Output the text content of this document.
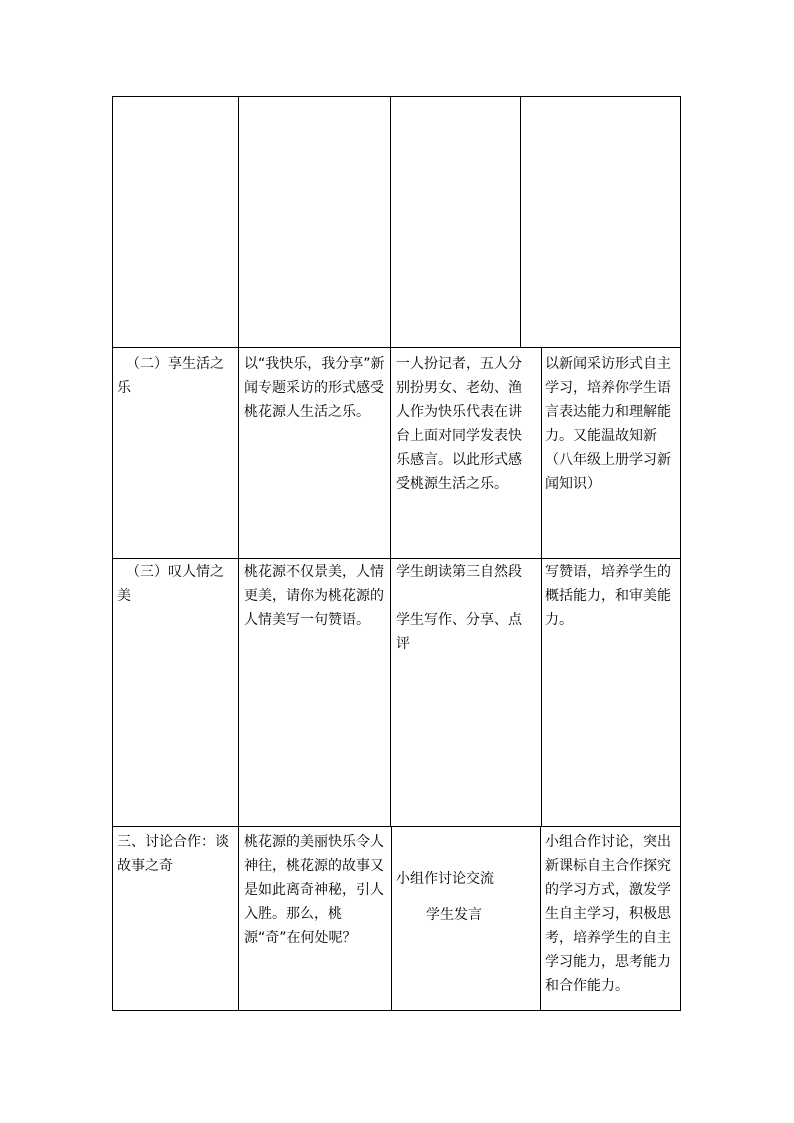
（二）享生活之乐

以“我快乐，我分享”新闻专题采访的形式感受桃花源人生活之乐。

一人扮记者，五人分别扮男女、老幼、渔人作为快乐代表在讲台上面对同学发表快乐感言。以此形式感受桃源生活之乐。

以新闻采访形式自主学习，培养你学生语言表达能力和理解能力。又能温故知新（八年级上册学习新闻知识）

（三）叹人情之美

桃花源不仅景美，人情更美，请你为桃花源的人情美写一句赞语。

学生朗读第三自然段

学生写作、分享、点评

写赞语，培养学生的概括能力，和审美能力。

三、讨论合作：谈故事之奇

桃花源的美丽快乐令人神往，桃花源的故事又是如此离奇神秘，引人入胜。那么，桃源“奇”在何处呢？

小组作讨论交流

学生发言

小组合作讨论，突出新课标自主合作探究的学习方式，激发学生自主学习，积极思考，培养学生的自主学习能力，思考能力和合作能力。
